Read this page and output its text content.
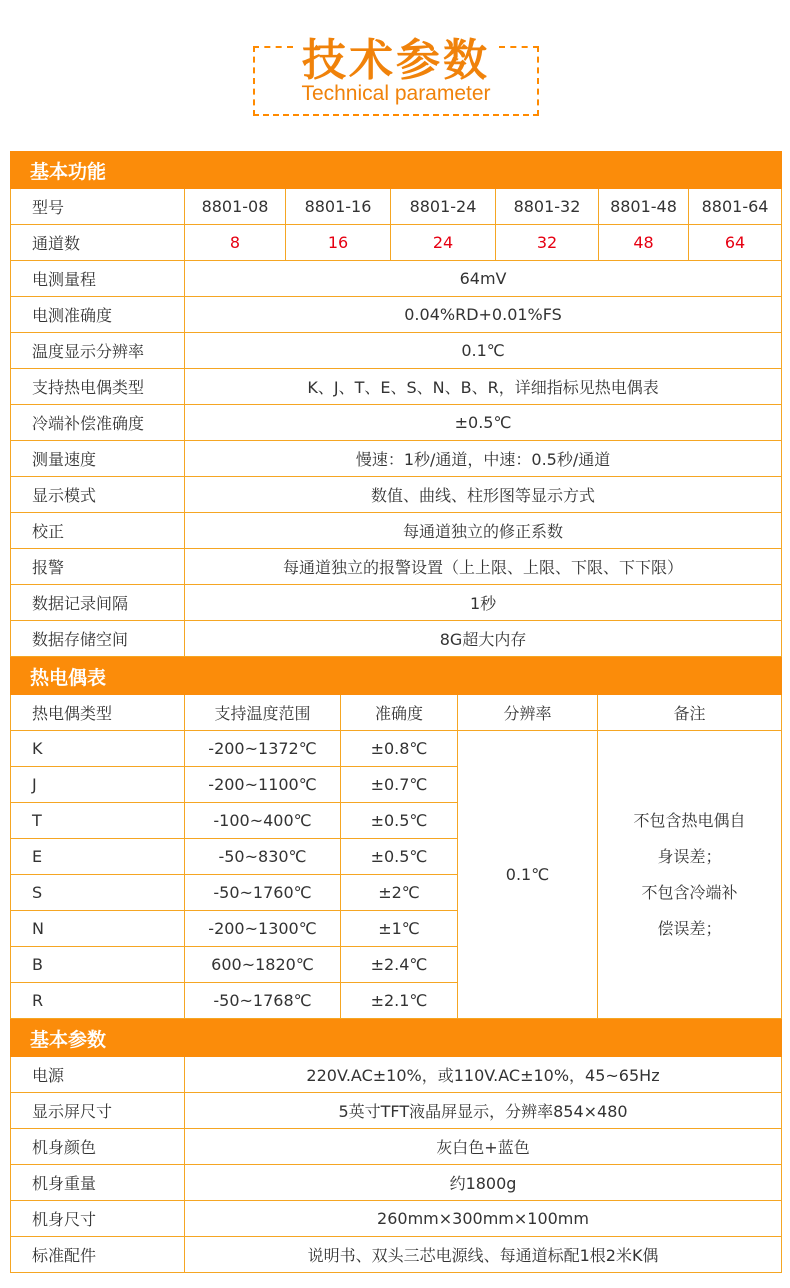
技术参数
Technical parameter
基本功能						
型号	8801-08	8801-16	8801-24	8801-32	8801-48	8801-64
通道数	8	16	24	32	48	64
电测量程	64mV					
电测准确度	0.04%RD+0.01%FS					
温度显示分辨率	0.1℃					
支持热电偶类型	K、J、T、E、S、N、B、R，详细指标见热电偶表					
冷端补偿准确度	±0.5℃					
测量速度	慢速：1秒/通道，中速：0.5秒/通道					
显示模式	数值、曲线、柱形图等显示方式					
校正	每通道独立的修正系数					
报警	每通道独立的报警设置（上上限、上限、下限、下下限）					
数据记录间隔	1秒					
数据存储空间	8G超大内存					
热电偶表				
热电偶类型	支持温度范围	准确度	分辨率	备注
K	-200~1372℃	±0.8℃	0.1℃	不包含热电偶自
身误差；
不包含冷端补
偿误差；

J	-200~1100℃	±0.7℃		
T	-100~400℃	±0.5℃		
E	-50~830℃	±0.5℃		
S	-50~1760℃	±2℃		
N	-200~1300℃	±1℃		
B	600~1820℃	±2.4℃		
R	-50~1768℃	±2.1℃		
基本参数	
电源	220V.AC±10%，或110V.AC±10%，45~65Hz
显示屏尺寸	5英寸TFT液晶屏显示，分辨率854×480
机身颜色	灰白色+蓝色
机身重量	约1800g
机身尺寸	260mm×300mm×100mm
标准配件	说明书、双头三芯电源线、每通道标配1根2米K偶
